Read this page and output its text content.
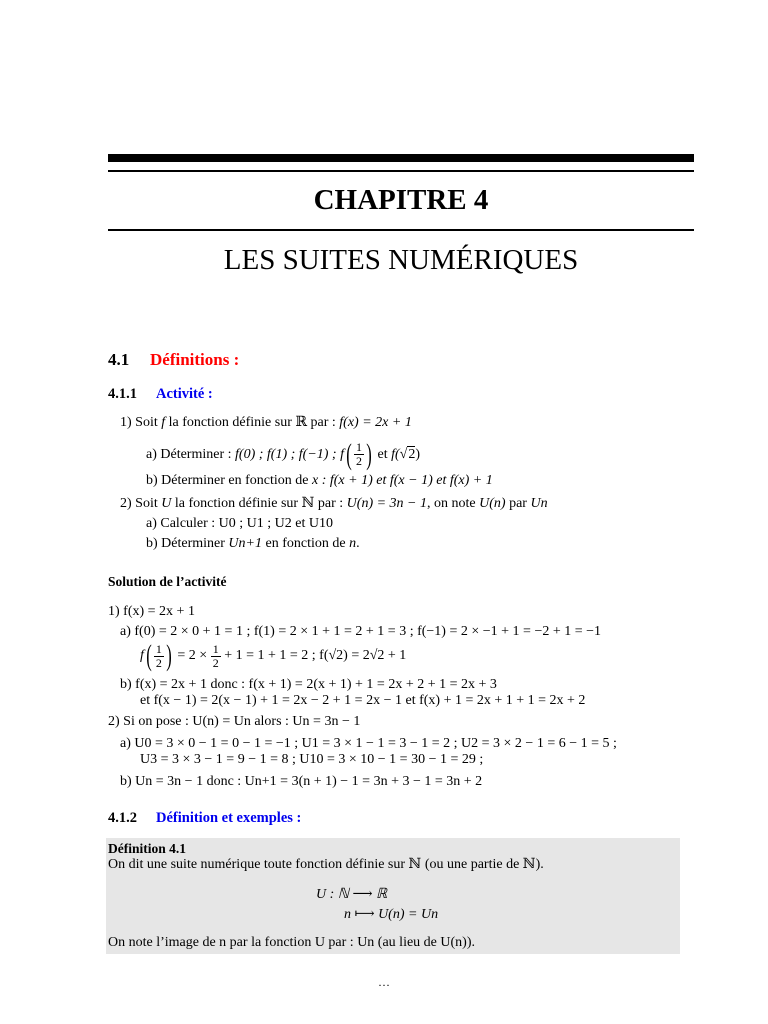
CHAPITRE 4
LES SUITES NUMÉRIQUES
4.1 Définitions :
4.1.1 Activité :
1) Soit f la fonction définie sur ℝ par : f(x) = 2x + 1
a) Déterminer : f(0) ; f(1) ; f(−1) ; $f( \frac{1}{2}$ ) et f(√2)
b) Déterminer en fonction de x : f(x + 1) et f(x − 1) et f(x) + 1
2) Soit U la fonction définie sur ℕ par : U(n) = 3n − 1, on note U(n) par Un
a) Calculer : U0 ; U1 ; U2 et U10
b) Déterminer Un+1 en fonction de n.
Solution de l’activité
1) f(x) = 2x + 1
a) f(0) = 2 × 0 + 1 = 1 ; f(1) = 2 × 1 + 1 = 2 + 1 = 3 ; f(−1) = 2 × −1 + 1 = −2 + 1 = −1
$f( \frac{1}{2}$ ) = $2 \times \frac{1}{2} + 1 = 1 + 1 = 2$ ; f(√2) = 2√2 + 1
b) f(x) = 2x + 1 donc : f(x + 1) = 2(x + 1) + 1 = 2x + 2 + 1 = 2x + 3
et f(x − 1) = 2(x − 1) + 1 = 2x − 2 + 1 = 2x − 1 et f(x) + 1 = 2x + 1 + 1 = 2x + 2
2) Si on pose : U(n) = Un alors : Un = 3n − 1
a) U0 = 3 × 0 − 1 = 0 − 1 = −1 ; U1 = 3 × 1 − 1 = 3 − 1 = 2 ; U2 = 3 × 2 − 1 = 6 − 1 = 5 ;
U3 = 3 × 3 − 1 = 9 − 1 = 8 ; U10 = 3 × 10 − 1 = 30 − 1 = 29 ;
b) Un = 3n − 1 donc : Un+1 = 3(n + 1) − 1 = 3n + 3 − 1 = 3n + 2
4.1.2 Définition et exemples :
Définition 4.1
On dit une suite numérique toute fonction définie sur ℕ (ou une partie de ℕ).
U : ℕ ⟶ ℝ
n ⟼ U(n) = Un
On note l’image de n par la fonction U par : Un (au lieu de U(n)).
···
